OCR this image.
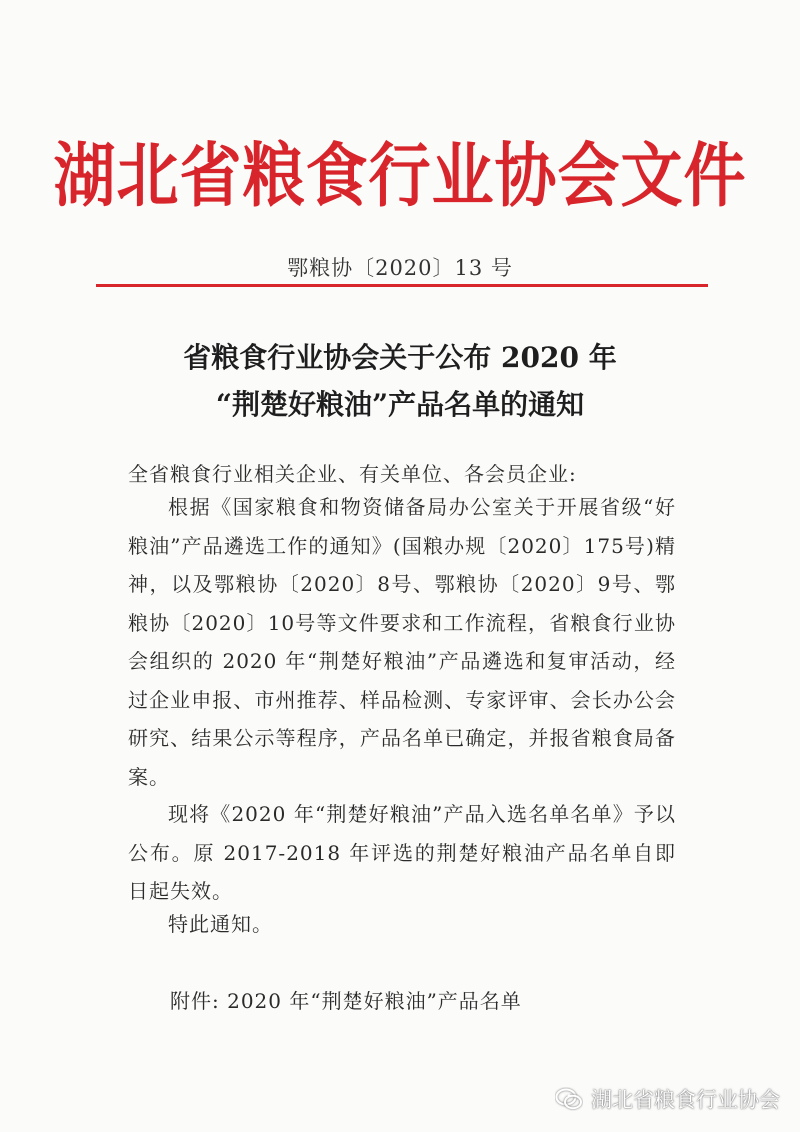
湖北省粮食行业协会文件
鄂粮协〔2020〕13 号
省粮食行业协会关于公布 2020 年
“荆楚好粮油”产品名单的通知
全省粮食行业相关企业、有关单位、各会员企业:
根据《国家粮食和物资储备局办公室关于开展省级“好粮油”产品遴选工作的通知》(国粮办规〔2020〕175号)精神，以及鄂粮协〔2020〕8号、鄂粮协〔2020〕9号、鄂粮协〔2020〕10号等文件要求和工作流程，省粮食行业协会组织的 2020 年“荆楚好粮油”产品遴选和复审活动，经过企业申报、市州推荐、样品检测、专家评审、会长办公会研究、结果公示等程序，产品名单已确定，并报省粮食局备案。
现将《2020 年“荆楚好粮油”产品入选名单名单》予以公布。原 2017-2018 年评选的荆楚好粮油产品名单自即日起失效。
特此通知。
附件: 2020 年“荆楚好粮油”产品名单
湖北省粮食行业协会
